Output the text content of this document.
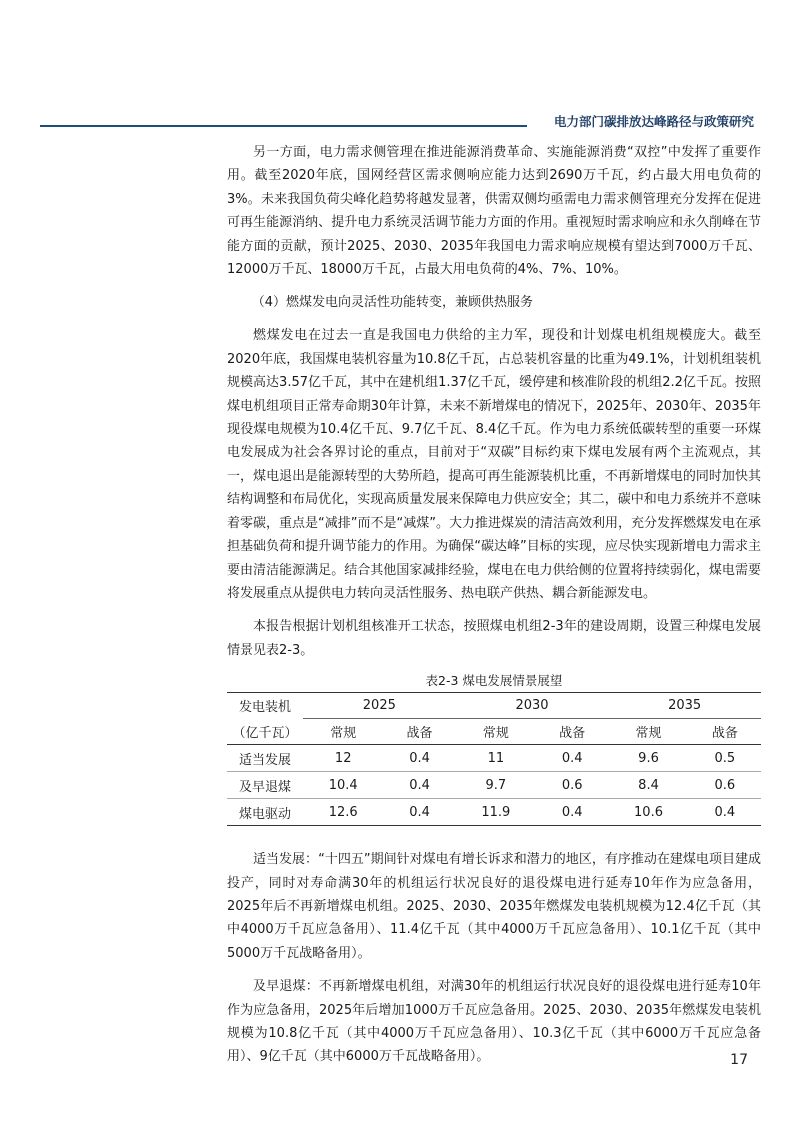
电力部门碳排放达峰路径与政策研究

另一方面，电力需求侧管理在推进能源消费革命、实施能源消费“双控”中发挥了重要作用。截至2020年底，国网经营区需求侧响应能力达到2690万千瓦，约占最大用电负荷的3%。未来我国负荷尖峰化趋势将越发显著，供需双侧均亟需电力需求侧管理充分发挥在促进可再生能源消纳、提升电力系统灵活调节能力方面的作用。重视短时需求响应和永久削峰在节能方面的贡献，预计2025、2030、2035年我国电力需求响应规模有望达到7000万千瓦、12000万千瓦、18000万千瓦，占最大用电负荷的4%、7%、10%。

（4）燃煤发电向灵活性功能转变，兼顾供热服务

燃煤发电在过去一直是我国电力供给的主力军，现役和计划煤电机组规模庞大。截至2020年底，我国煤电装机容量为10.8亿千瓦，占总装机容量的比重为49.1%，计划机组装机规模高达3.57亿千瓦，其中在建机组1.37亿千瓦，缓停建和核准阶段的机组2.2亿千瓦。按照煤电机组项目正常寿命期30年计算，未来不新增煤电的情况下，2025年、2030年、2035年现役煤电规模为10.4亿千瓦、9.7亿千瓦、8.4亿千瓦。作为电力系统低碳转型的重要一环煤电发展成为社会各界讨论的重点，目前对于“双碳”目标约束下煤电发展有两个主流观点，其一，煤电退出是能源转型的大势所趋，提高可再生能源装机比重，不再新增煤电的同时加快其结构调整和布局优化，实现高质量发展来保障电力供应安全；其二，碳中和电力系统并不意味着零碳，重点是“减排”而不是“减煤”。大力推进煤炭的清洁高效利用，充分发挥燃煤发电在承担基础负荷和提升调节能力的作用。为确保“碳达峰”目标的实现，应尽快实现新增电力需求主要由清洁能源满足。结合其他国家减排经验，煤电在电力供给侧的位置将持续弱化，煤电需要将发展重点从提供电力转向灵活性服务、热电联产供热、耦合新能源发电。

本报告根据计划机组核准开工状态，按照煤电机组2-3年的建设周期，设置三种煤电发展情景见表2-3。

表2-3 煤电发展情景展望
发电装机	2025		2030		2035	
（亿千瓦）	常规	战备	常规	战备	常规	战备
适当发展	12	0.4	11	0.4	9.6	0.5
及早退煤	10.4	0.4	9.7	0.6	8.4	0.6
煤电驱动	12.6	0.4	11.9	0.4	10.6	0.4

适当发展：“十四五”期间针对煤电有增长诉求和潜力的地区，有序推动在建煤电项目建成投产，同时对寿命满30年的机组运行状况良好的退役煤电进行延寿10年作为应急备用，2025年后不再新增煤电机组。2025、2030、2035年燃煤发电装机规模为12.4亿千瓦（其中4000万千瓦应急备用）、11.4亿千瓦（其中4000万千瓦应急备用）、10.1亿千瓦（其中5000万千瓦战略备用）。

及早退煤：不再新增煤电机组，对满30年的机组运行状况良好的退役煤电进行延寿10年作为应急备用，2025年后增加1000万千瓦应急备用。2025、2030、2035年燃煤发电装机规模为10.8亿千瓦（其中4000万千瓦应急备用）、10.3亿千瓦（其中6000万千瓦应急备用）、9亿千瓦（其中6000万千瓦战略备用）。	17
